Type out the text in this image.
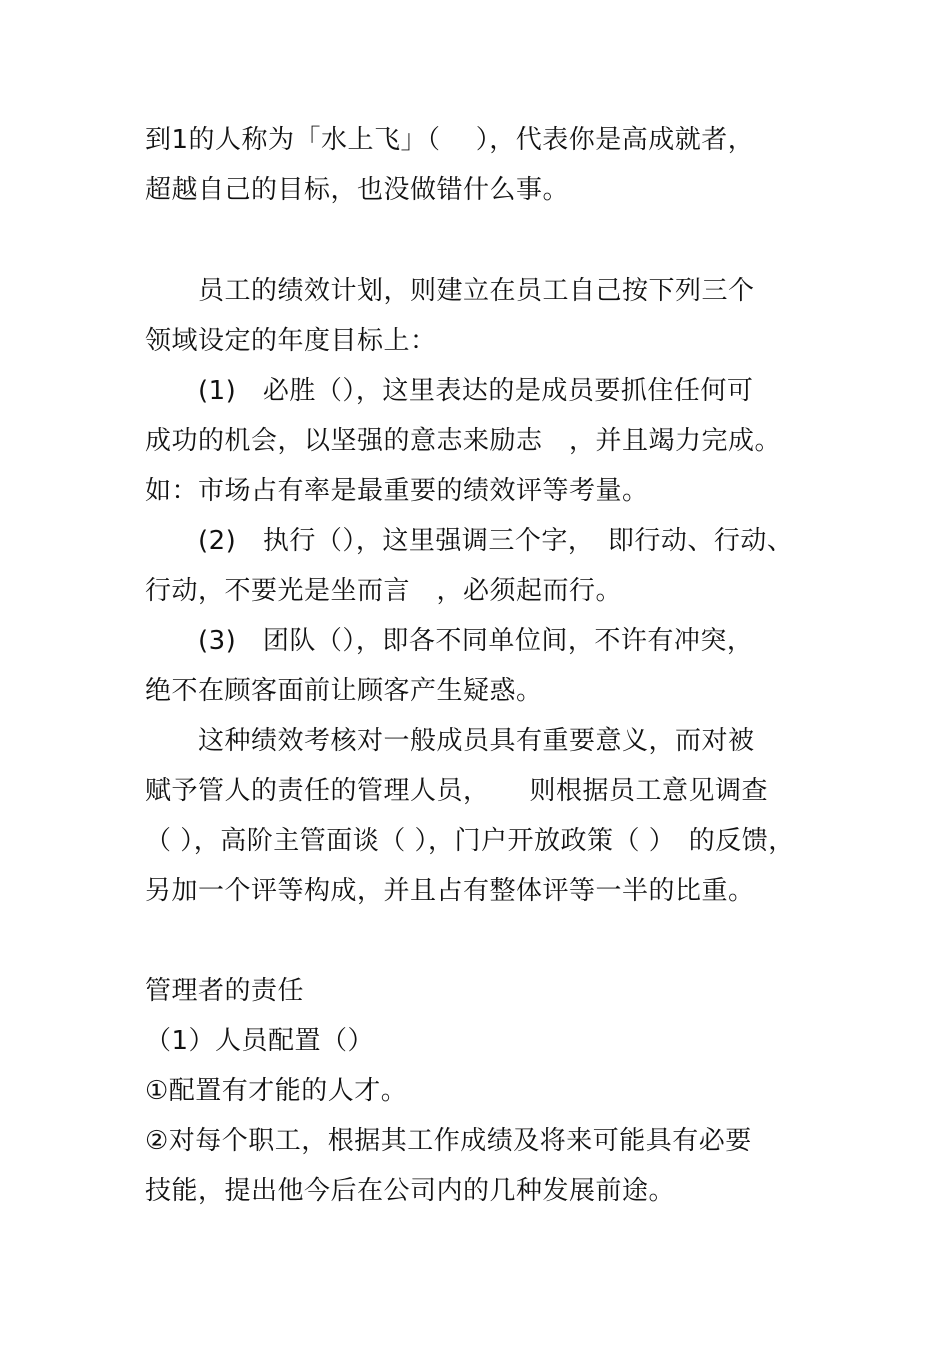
到1的人称为「水上飞」（　 ），代表你是高成就者，

超越自己的目标，也没做错什么事。

　　员工的绩效计划，则建立在员工自己按下列三个

领域设定的年度目标上：

　　(1)　必胜（），这里表达的是成员要抓住任何可

成功的机会，以坚强的意志来励志　，并且竭力完成。

如：市场占有率是最重要的绩效评等考量。

　　(2)　执行（），这里强调三个字，　即行动、行动、

行动，不要光是坐而言　，必须起而行。

　　(3)　团队（），即各不同单位间，不许有冲突，

绝不在顾客面前让顾客产生疑惑。

　　这种绩效考核对一般成员具有重要意义，而对被

赋予管人的责任的管理人员，　　则根据员工意见调查

（ ），高阶主管面谈（ ），门户开放政策（ ）　的反馈，

另加一个评等构成，并且占有整体评等一半的比重。

管理者的责任

（1）人员配置（）

①配置有才能的人才。

②对每个职工，根据其工作成绩及将来可能具有必要

技能，提出他今后在公司内的几种发展前途。
